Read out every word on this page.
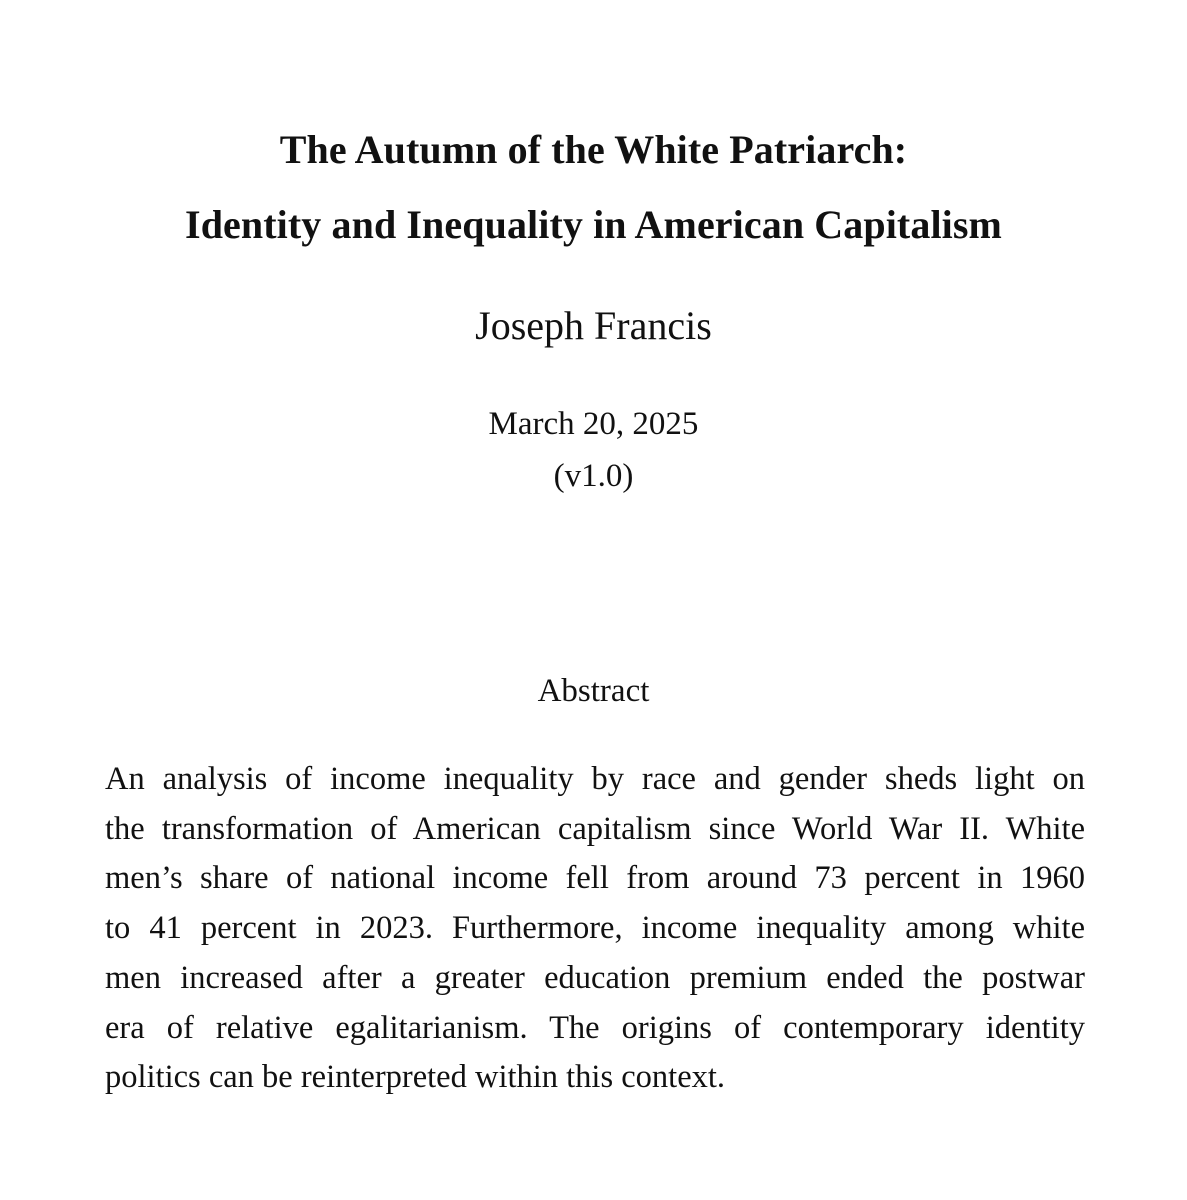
The Autumn of the White Patriarch:
Identity and Inequality in American Capitalism
Joseph Francis
March 20, 2025
(v1.0)
Abstract
An analysis of income inequality by race and gender sheds light on
the transformation of American capitalism since World War II. White
men’s share of national income fell from around 73 percent in 1960
to 41 percent in 2023. Furthermore, income inequality among white
men increased after a greater education premium ended the postwar
era of relative egalitarianism. The origins of contemporary identity
politics can be reinterpreted within this context.
